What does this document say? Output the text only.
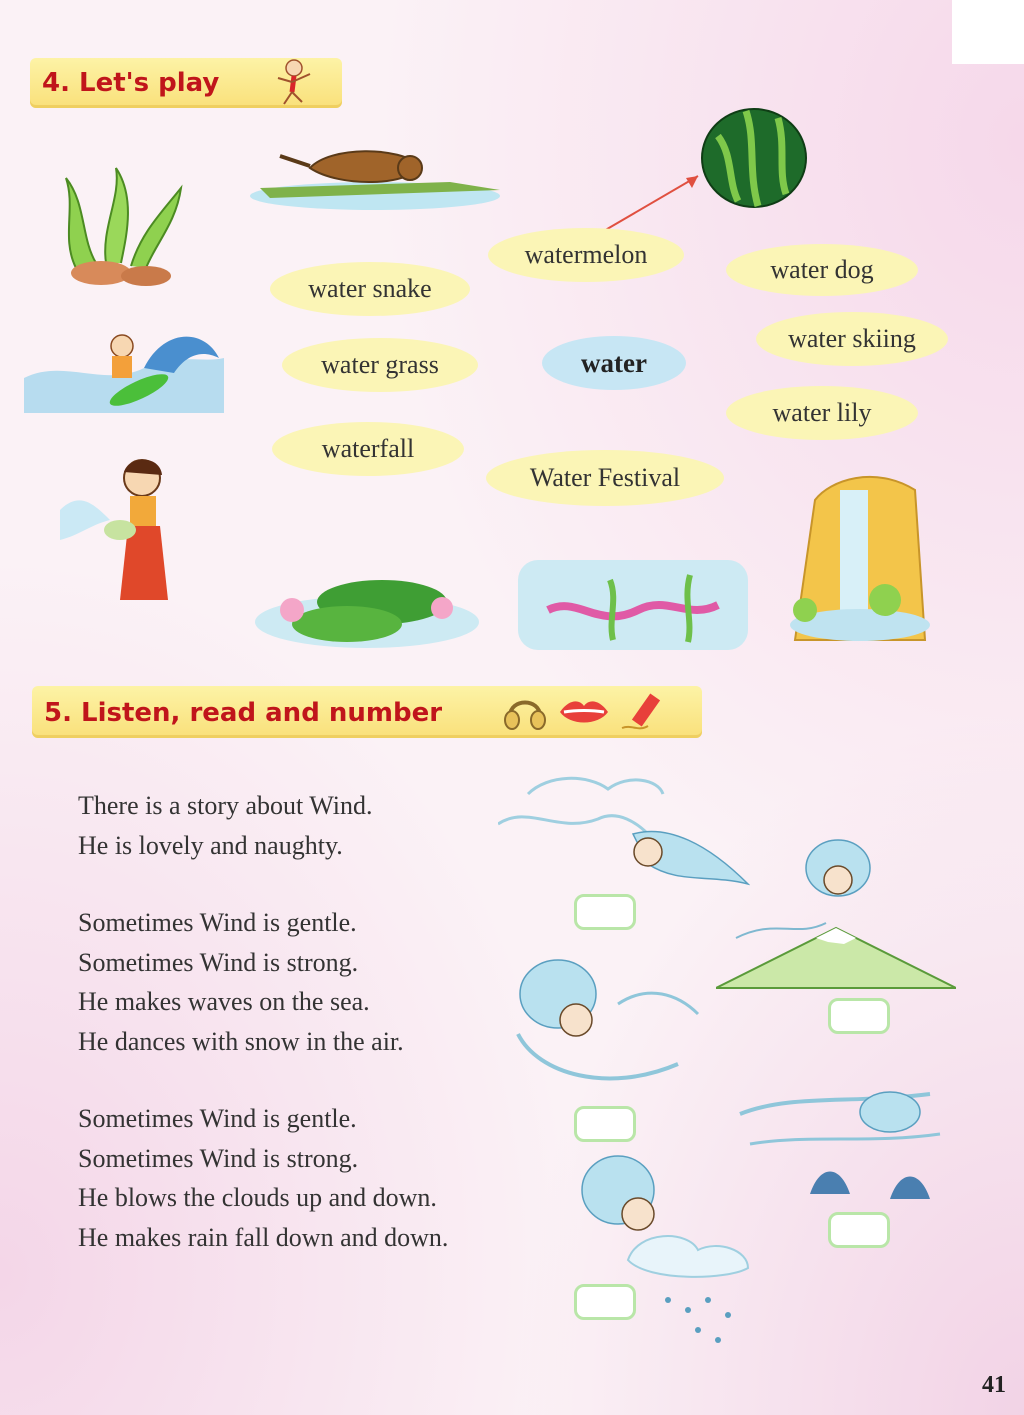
4. Let's play
watermelon
water snake
water dog
water grass	water
water skiing
water lily
waterfall
Water Festival
5. Listen, read and number
There is a story about Wind.
He is lovely and naughty.
Sometimes Wind is gentle.
Sometimes Wind is strong.
He makes waves on the sea.
He dances with snow in the air.
Sometimes Wind is gentle.
Sometimes Wind is strong.
He blows the clouds up and down.
He makes rain fall down and down.
41
